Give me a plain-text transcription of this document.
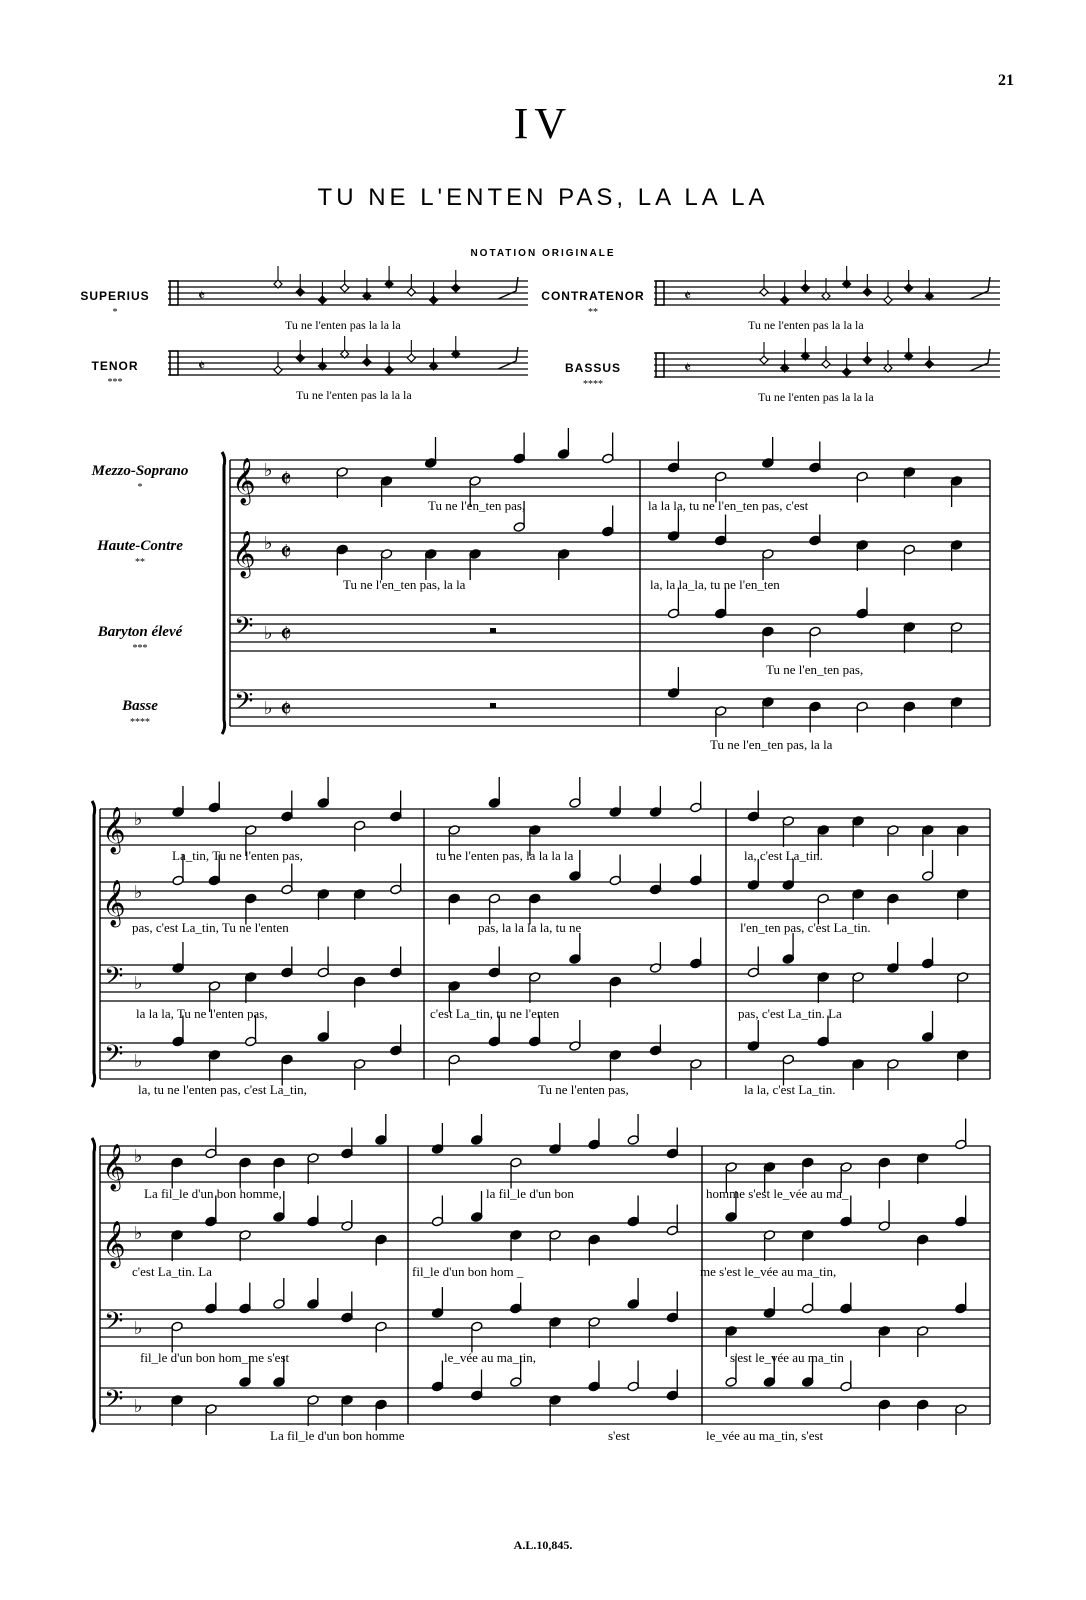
21
IV
TU NE L'ENTEN PAS, LA LA LA
NOTATION ORIGINALE
SUPERIUS
*
CONTRATENOR
**
TENOR
***
BASSUS
****
Tu ne l'enten pas la la la	Tu ne l'enten pas la la la
Tu ne l'enten pas la la la	Tu ne l'enten pas la la la
Mezzo-Soprano
*
Haute-Contre
**
Baryton élevé
***
Basse
****
Tu ne l'en_ten pas,	la la la, tu ne l'en_ten pas, c'est
Tu ne l'en_ten pas, la la	la, la la_la, tu ne l'en_ten
Tu ne l'en_ten pas,
Tu ne l'en_ten pas, la la
La_tin, Tu ne l'enten pas,	tu ne l'enten pas, la la la la	la, c'est La_tin.
pas, c'est La_tin, Tu ne l'enten	pas, la la la la, tu ne	l'en_ten pas, c'est La_tin.
la la la, Tu ne l'enten pas,	c'est La_tin, tu ne l'enten	pas, c'est La_tin. La
la, tu ne l'enten pas, c'est La_tin,	Tu ne l'enten pas,	la la, c'est La_tin.
La fil_le d'un bon homme,	la fil_le d'un bon	homme s'est le_vée au ma_
c'est La_tin. La	fil_le d'un bon hom _	me s'est le_vée au ma_tin,
fil_le d'un bon hom_me s'est	le_vée au ma_tin,	s'est le_vée au ma_tin
La fil_le d'un bon homme	s'est	le_vée au ma_tin, s'est
A.L.10,845.
𝄵	𝄵
𝄵	𝄵
𝄞 ♭ 𝄵
𝄞 ♭ 𝄵
𝄢 ♭ 𝄵
𝄢 ♭ 𝄵
𝄞 ♭
𝄞 ♭
𝄢 ♭
𝄢 ♭
𝄞 ♭
𝄞 ♭
𝄢 ♭
𝄢 ♭
